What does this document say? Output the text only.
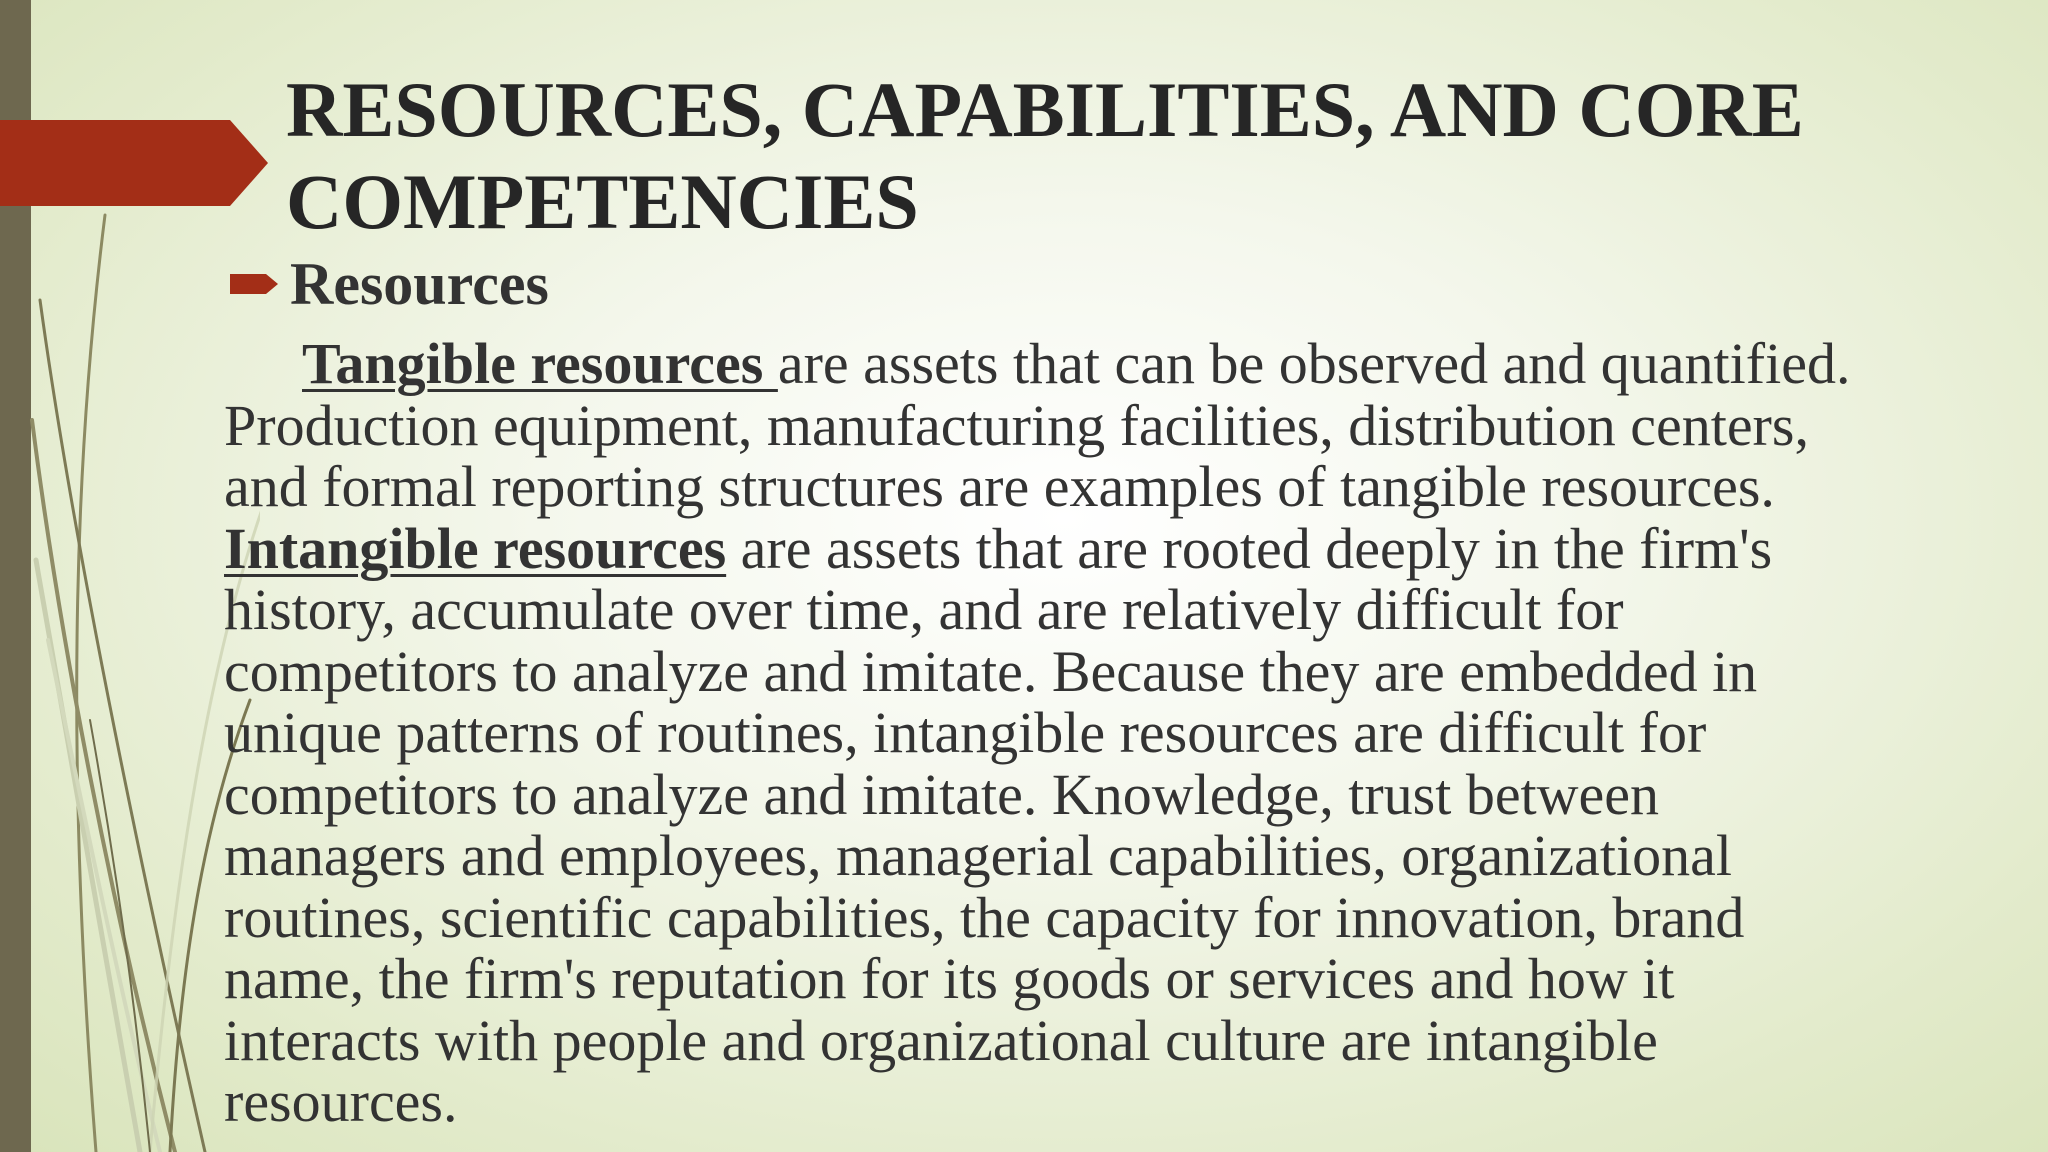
RESOURCES, CAPABILITIES, AND CORE COMPETENCIES
Resources
Tangible resources are assets that can be observed and quantified.
Production equipment, manufacturing facilities, distribution centers,
and formal reporting structures are examples of tangible resources.
Intangible resources are assets that are rooted deeply in the firm's
history, accumulate over time, and are relatively difficult for
competitors to analyze and imitate. Because they are embedded in
unique patterns of routines, intangible resources are difficult for
competitors to analyze and imitate. Knowledge, trust between
managers and employees, managerial capabilities, organizational
routines, scientific capabilities, the capacity for innovation, brand
name, the firm's reputation for its goods or services and how it
interacts with people and organizational culture are intangible
resources.
